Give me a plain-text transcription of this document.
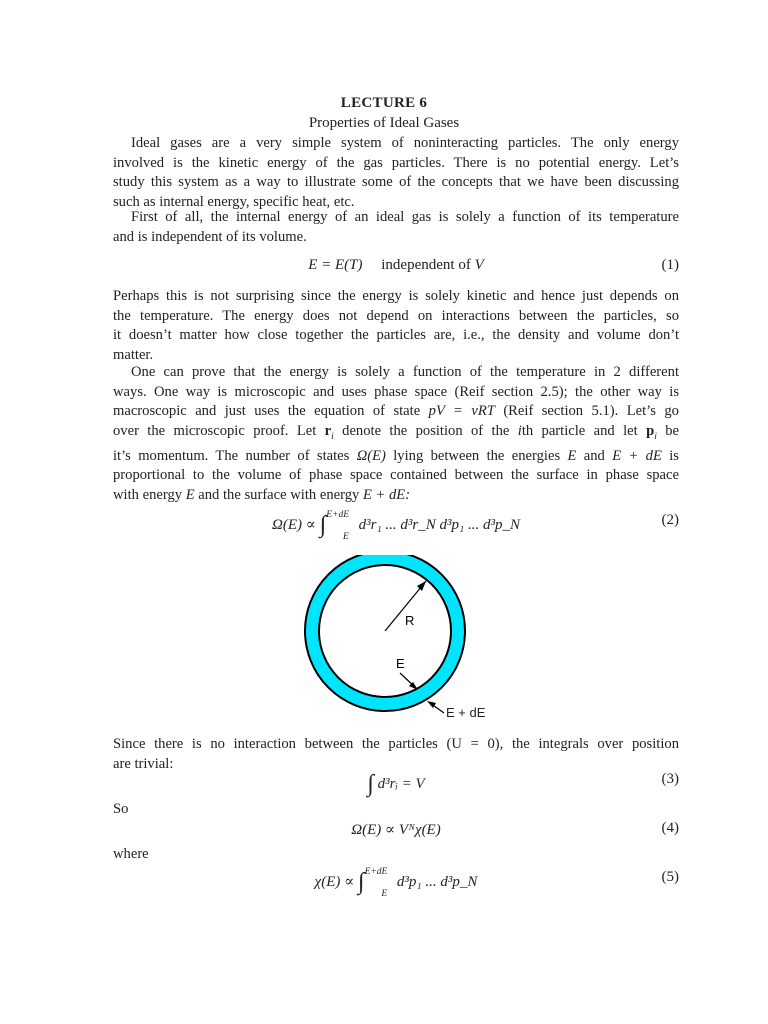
LECTURE 6
Properties of Ideal Gases
Ideal gases are a very simple system of noninteracting particles. The only energy
involved is the kinetic energy of the gas particles. There is no potential energy. Let’s
study this system as a way to illustrate some of the concepts that we have been discussing
such as internal energy, specific heat, etc.
First of all, the internal energy of an ideal gas is solely a function of its temperature
and is independent of its volume.
E = E(T) independent of V	(1)
Perhaps this is not surprising since the energy is solely kinetic and hence just depends on
the temperature. The energy does not depend on interactions between the particles, so
it doesn’t matter how close together the particles are, i.e., the density and volume don’t
matter.
One can prove that the energy is solely a function of the temperature in 2 different
ways. One way is microscopic and uses phase space (Reif section 2.5); the other way is
macroscopic and just uses the equation of state pV = νRT (Reif section 5.1). Let’s go
over the microscopic proof. Let $r_i$ denote the position of the ith particle and let $p_i$ be
it’s momentum. The number of states Ω(E) lying between the energies E and E + dE is
proportional to the volume of phase space contained between the surface in phase space
with energy E and the surface with energy E + dE:
Ω(E) ∝ ∫$^{E+dE}_E$ d³r₁ ... d³r_N d³p₁ ... d³p_N	(2)
R
E
E + dE
Since there is no interaction between the particles (U = 0), the integrals over position
are trivial:
∫ d³rᵢ = V	(3)
So
Ω(E) ∝ Vᴺχ(E)	(4)
where
χ(E) ∝ ∫$^{E+dE}_E$ d³p₁ ... d³p_N	(5)
